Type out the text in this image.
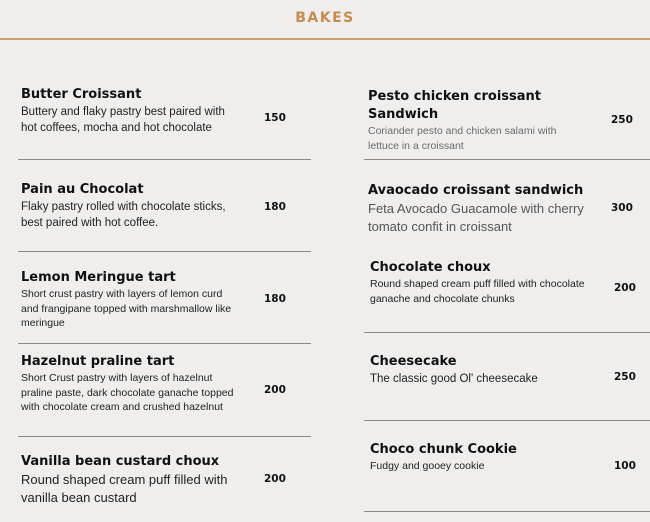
BAKES
Butter Croissant
Buttery and flaky pastry best paired with hot coffees, mocha and hot chocolate
150
Pain au Chocolat
Flaky pastry rolled with chocolate sticks, best paired with hot coffee.
180
Lemon Meringue tart
Short crust pastry with layers of lemon curd and frangipane topped with marshmallow like meringue
180
Hazelnut praline tart
Short Crust pastry with layers of hazelnut praline paste, dark chocolate ganache topped with chocolate cream and crushed hazelnut
200
Vanilla bean custard choux
Round shaped cream puff filled with vanilla bean custard
200
Pesto chicken croissant Sandwich
Coriander pesto and chicken salami with lettuce in a croissant
250
Avaocado croissant sandwich
Feta Avocado Guacamole with cherry tomato confit in croissant
300
Chocolate choux
Round shaped cream puff filled with chocolate ganache and chocolate chunks
200
Cheesecake
The classic good Ol' cheesecake	250
Choco chunk Cookie
Fudgy and gooey cookie	100
